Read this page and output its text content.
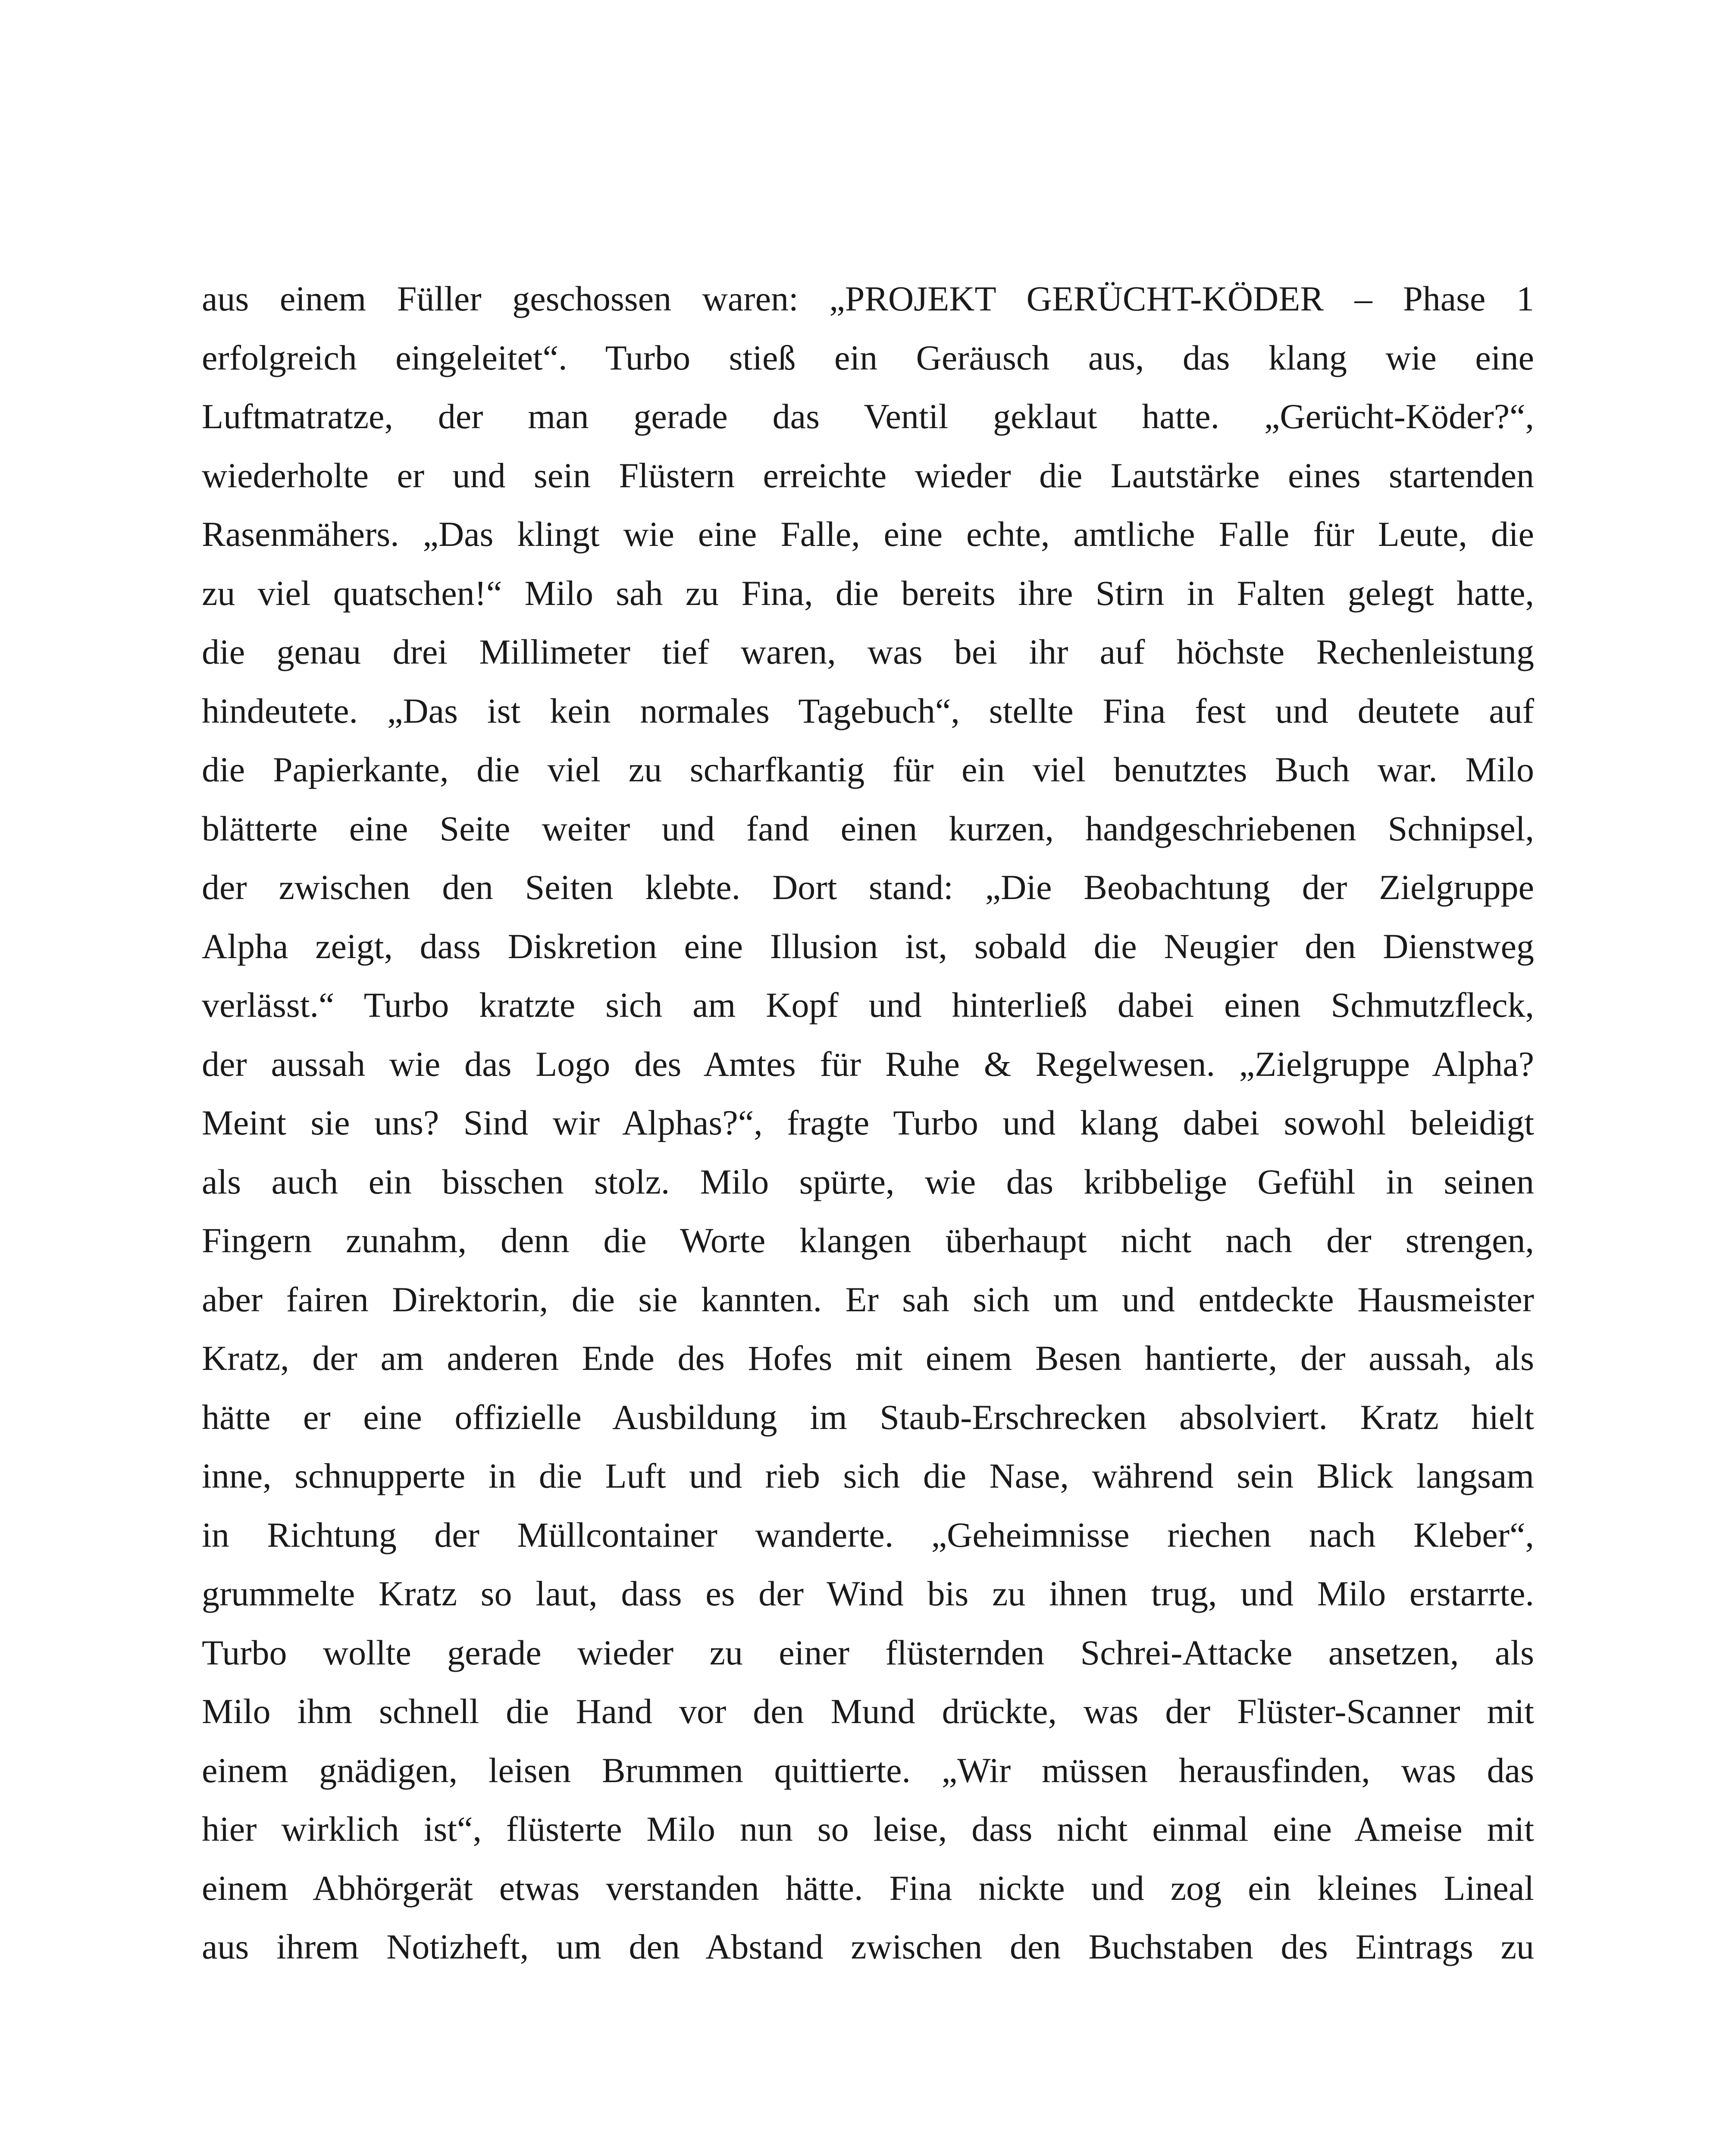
aus einem Füller geschossen waren: „PROJEKT GERÜCHT-KÖDER – Phase 1
erfolgreich eingeleitet“. Turbo stieß ein Geräusch aus, das klang wie eine
Luftmatratze, der man gerade das Ventil geklaut hatte. „Gerücht-Köder?“,
wiederholte er und sein Flüstern erreichte wieder die Lautstärke eines startenden
Rasenmähers. „Das klingt wie eine Falle, eine echte, amtliche Falle für Leute, die
zu viel quatschen!“ Milo sah zu Fina, die bereits ihre Stirn in Falten gelegt hatte,
die genau drei Millimeter tief waren, was bei ihr auf höchste Rechenleistung
hindeutete. „Das ist kein normales Tagebuch“, stellte Fina fest und deutete auf
die Papierkante, die viel zu scharfkantig für ein viel benutztes Buch war. Milo
blätterte eine Seite weiter und fand einen kurzen, handgeschriebenen Schnipsel,
der zwischen den Seiten klebte. Dort stand: „Die Beobachtung der Zielgruppe
Alpha zeigt, dass Diskretion eine Illusion ist, sobald die Neugier den Dienstweg
verlässt.“ Turbo kratzte sich am Kopf und hinterließ dabei einen Schmutzfleck,
der aussah wie das Logo des Amtes für Ruhe & Regelwesen. „Zielgruppe Alpha?
Meint sie uns? Sind wir Alphas?“, fragte Turbo und klang dabei sowohl beleidigt
als auch ein bisschen stolz. Milo spürte, wie das kribbelige Gefühl in seinen
Fingern zunahm, denn die Worte klangen überhaupt nicht nach der strengen,
aber fairen Direktorin, die sie kannten. Er sah sich um und entdeckte Hausmeister
Kratz, der am anderen Ende des Hofes mit einem Besen hantierte, der aussah, als
hätte er eine offizielle Ausbildung im Staub-Erschrecken absolviert. Kratz hielt
inne, schnupperte in die Luft und rieb sich die Nase, während sein Blick langsam
in Richtung der Müllcontainer wanderte. „Geheimnisse riechen nach Kleber“,
grummelte Kratz so laut, dass es der Wind bis zu ihnen trug, und Milo erstarrte.
Turbo wollte gerade wieder zu einer flüsternden Schrei-Attacke ansetzen, als
Milo ihm schnell die Hand vor den Mund drückte, was der Flüster-Scanner mit
einem gnädigen, leisen Brummen quittierte. „Wir müssen herausfinden, was das
hier wirklich ist“, flüsterte Milo nun so leise, dass nicht einmal eine Ameise mit
einem Abhörgerät etwas verstanden hätte. Fina nickte und zog ein kleines Lineal
aus ihrem Notizheft, um den Abstand zwischen den Buchstaben des Eintrags zu
